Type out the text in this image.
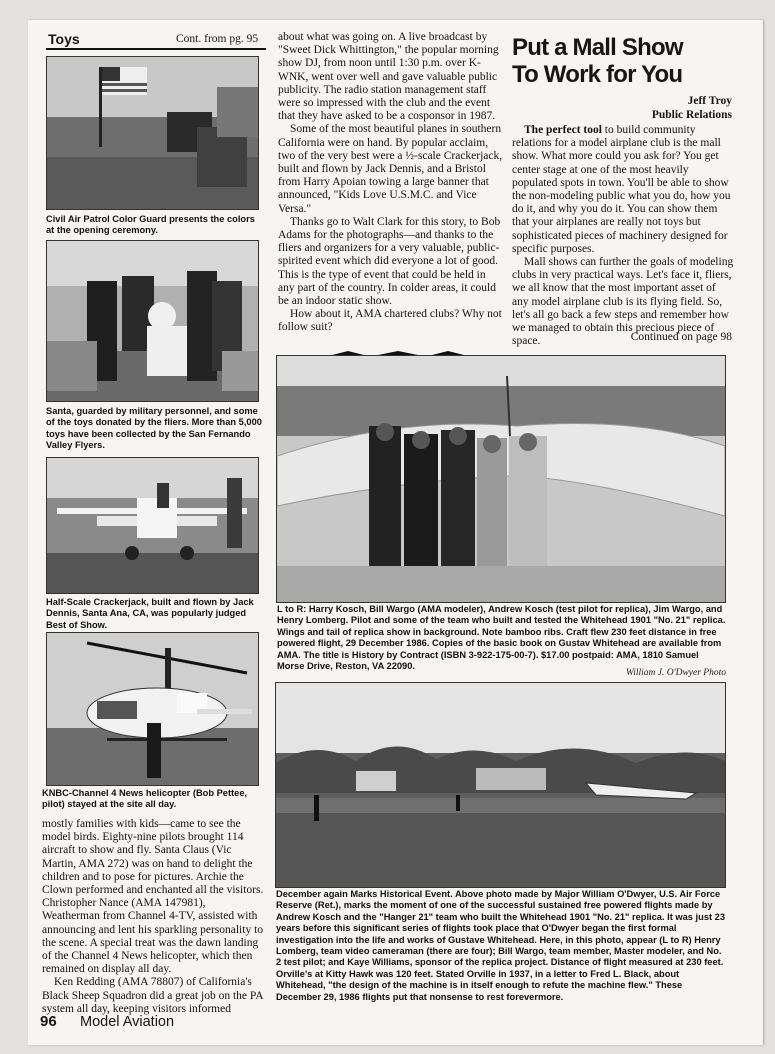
Toys	Cont. from pg. 95
Civil Air Patrol Color Guard presents the colors at the opening ceremony.
Santa, guarded by military personnel, and some of the toys donated by the fliers. More than 5,000 toys have been collected by the San Fernando Valley Flyers.
Half-Scale Crackerjack, built and flown by Jack Dennis, Santa Ana, CA, was popularly judged Best of Show.
KNBC-Channel 4 News helicopter (Bob Pettee, pilot) stayed at the site all day.

mostly families with kids—came to see the model birds. Eighty-nine pilots brought 114 aircraft to show and fly. Santa Claus (Vic Martin, AMA 272) was on hand to delight the children and to pose for pictures. Archie the Clown performed and enchanted all the visitors. Christopher Nance (AMA 147981), Weatherman from Channel 4-TV, assisted with announcing and lent his sparkling personality to the scene. A special treat was the dawn landing of the Channel 4 News helicopter, which then remained on display all day.

Ken Redding (AMA 78807) of California's Black Sheep Squadron did a great job on the PA system all day, keeping visitors informed

about what was going on. A live broadcast by "Sweet Dick Whittington," the popular morning show DJ, from noon until 1:30 p.m. over K-WNK, went over well and gave valuable public publicity. The radio station management staff were so impressed with the club and the event that they have asked to be a cosponsor in 1987.

Some of the most beautiful planes in southern California were on hand. By popular acclaim, two of the very best were a ½-scale Crackerjack, built and flown by Jack Dennis, and a Bristol from Harry Apoian towing a large banner that announced, "Kids Love U.S.M.C. and Vice Versa."

Thanks go to Walt Clark for this story, to Bob Adams for the photographs—and thanks to the fliers and organizers for a very valuable, public-spirited event which did everyone a lot of good. This is the type of event that could be held in any part of the country. In colder areas, it could be an indoor static show.

How about it, AMA chartered clubs? Why not follow suit?

Put a Mall Show
To Work for You
Jeff Troy
Public Relations

The perfect tool to build community relations for a model airplane club is the mall show. What more could you ask for? You get center stage at one of the most heavily populated spots in town. You'll be able to show the non-modeling public what you do, how you do it, and why you do it. You can show them that your airplanes are really not toys but sophisticated pieces of machinery designed for specific purposes.

Mall shows can further the goals of modeling clubs in very practical ways. Let's face it, fliers, we all know that the most important asset of any model airplane club is its flying field. So, let's all go back a few steps and remember how we managed to obtain this precious piece of space.	Continued on page 98
L to R: Harry Kosch, Bill Wargo (AMA modeler), Andrew Kosch (test pilot for replica), Jim Wargo, and Henry Lomberg. Pilot and some of the team who built and tested the Whitehead 1901 "No. 21" replica. Wings and tail of replica show in background. Note bamboo ribs. Craft flew 230 feet distance in free powered flight, 29 December 1986. Copies of the basic book on Gustav Whitehead are available from AMA. The title is History by Contract (ISBN 3-922-175-00-7). $17.00 postpaid: AMA, 1810 Samuel Morse Drive, Reston, VA 22090.
William J. O'Dwyer Photo
December again Marks Historical Event. Above photo made by Major William O'Dwyer, U.S. Air Force Reserve (Ret.), marks the moment of one of the successful sustained free powered flights made by Andrew Kosch and the "Hanger 21" team who built the Whitehead 1901 "No. 21" replica. It was just 23 years before this significant series of flights took place that O'Dwyer began the first formal investigation into the life and works of Gustave Whitehead. Here, in this photo, appear (L to R) Henry Lomberg, team video cameraman (there are four); Bill Wargo, team member, Master modeler, and No. 2 test pilot; and Kaye Williams, sponsor of the replica project. Distance of flight measured at 230 feet. Orville's at Kitty Hawk was 120 feet. Stated Orville in 1937, in a letter to Fred L. Black, about Whitehead, "the design of the machine is in itself enough to refute the machine flew." These December 29, 1986 flights put that nonsense to rest forevermore.
96 Model Aviation
